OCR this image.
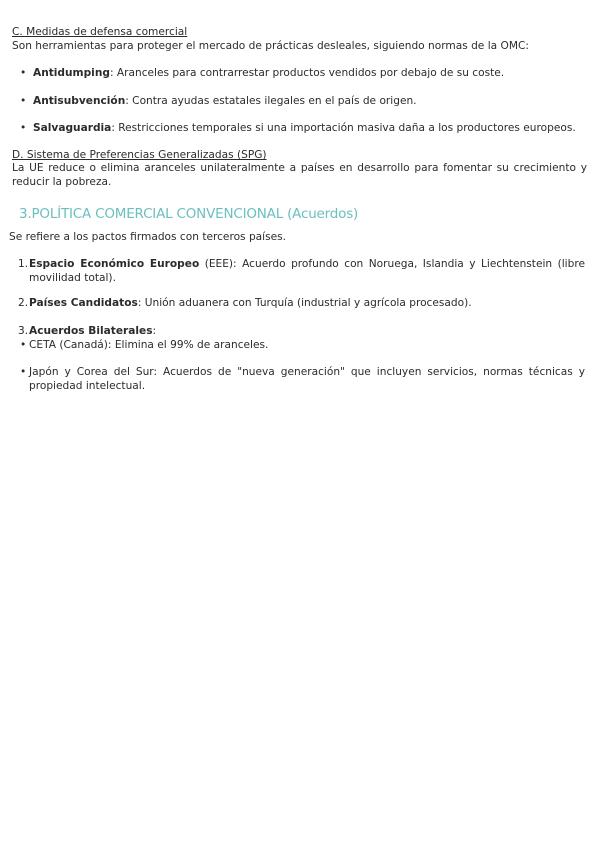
C. Medidas de defensa comercial
Son herramientas para proteger el mercado de prácticas desleales, siguiendo normas de la OMC:
• Antidumping: Aranceles para contrarrestar productos vendidos por debajo de su coste.
• Antisubvención: Contra ayudas estatales ilegales en el país de origen.
• Salvaguardia: Restricciones temporales si una importación masiva daña a los productores europeos.
D. Sistema de Preferencias Generalizadas (SPG)
La UE reduce o elimina aranceles unilateralmente a países en desarrollo para fomentar su crecimiento y reducir la pobreza.
3.POLÍTICA COMERCIAL CONVENCIONAL (Acuerdos)
Se refiere a los pactos firmados con terceros países.
1. Espacio Económico Europeo (EEE): Acuerdo profundo con Noruega, Islandia y Liechtenstein (libre movilidad total).
2. Países Candidatos: Unión aduanera con Turquía (industrial y agrícola procesado).
3. Acuerdos Bilaterales:
• CETA (Canadá): Elimina el 99% de aranceles.
• Japón y Corea del Sur: Acuerdos de "nueva generación" que incluyen servicios, normas técnicas y propiedad intelectual.
